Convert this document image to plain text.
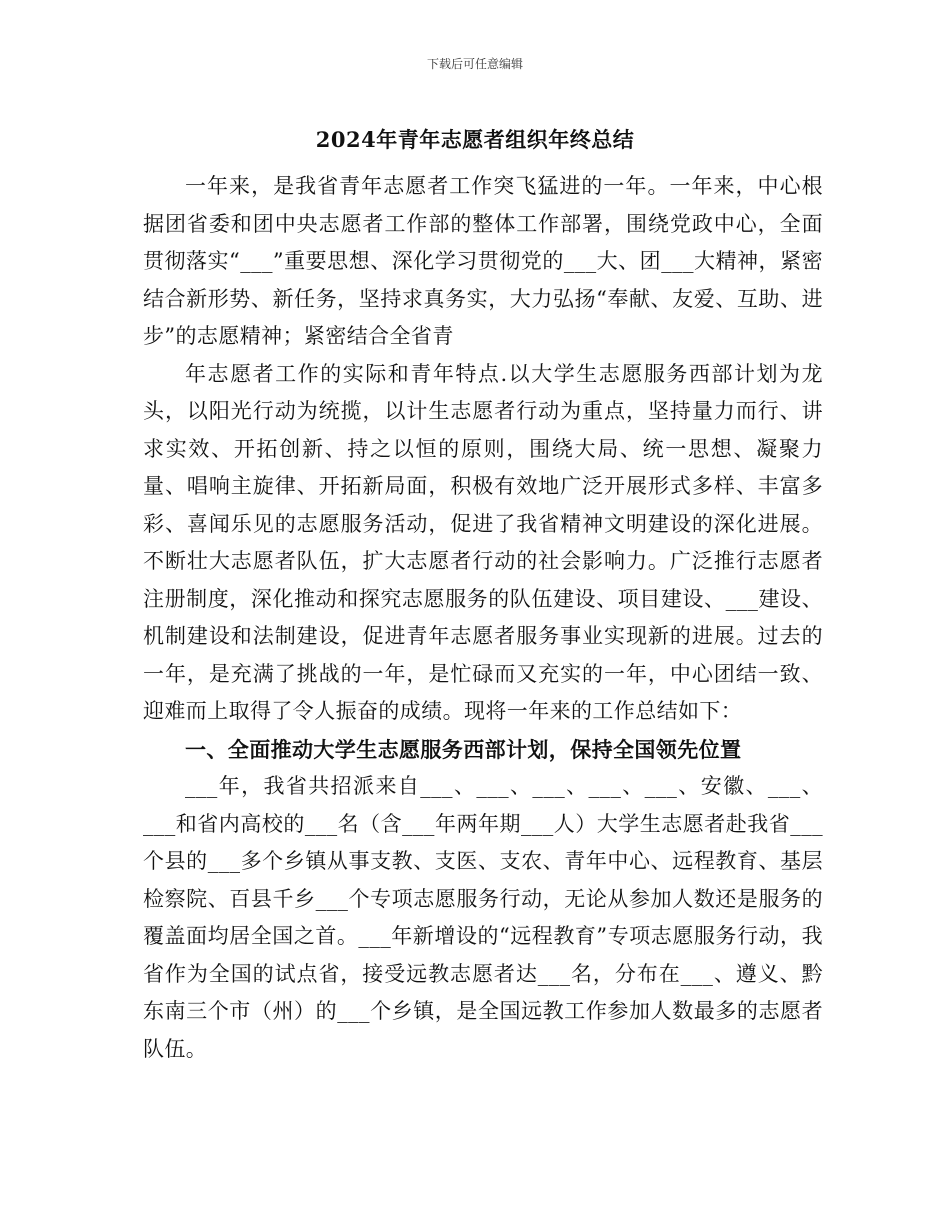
下载后可任意编辑
2024年青年志愿者组织年终总结

一年来，是我省青年志愿者工作突飞猛进的一年。一年来，中心根据团省委和团中央志愿者工作部的整体工作部署，围绕党政中心，全面贯彻落实“___”重要思想、深化学习贯彻党的___大、团___大精神，紧密结合新形势、新任务，坚持求真务实，大力弘扬“奉献、友爱、互助、进步”的志愿精神；紧密结合全省青

年志愿者工作的实际和青年特点.以大学生志愿服务西部计划为龙头，以阳光行动为统揽，以计生志愿者行动为重点，坚持量力而行、讲求实效、开拓创新、持之以恒的原则，围绕大局、统一思想、凝聚力量、唱响主旋律、开拓新局面，积极有效地广泛开展形式多样、丰富多彩、喜闻乐见的志愿服务活动，促进了我省精神文明建设的深化进展。不断壮大志愿者队伍，扩大志愿者行动的社会影响力。广泛推行志愿者注册制度，深化推动和探究志愿服务的队伍建设、项目建设、___建设、机制建设和法制建设，促进青年志愿者服务事业实现新的进展。过去的一年，是充满了挑战的一年，是忙碌而又充实的一年，中心团结一致、迎难而上取得了令人振奋的成绩。现将一年来的工作总结如下：

一、全面推动大学生志愿服务西部计划，保持全国领先位置

___年，我省共招派来自___、___、___、___、___、安徽、___、___和省内高校的___名（含___年两年期___人）大学生志愿者赴我省___个县的___多个乡镇从事支教、支医、支农、青年中心、远程教育、基层检察院、百县千乡___个专项志愿服务行动，无论从参加人数还是服务的覆盖面均居全国之首。___年新增设的“远程教育”专项志愿服务行动，我省作为全国的试点省，接受远教志愿者达___名，分布在___、遵义、黔东南三个市（州）的___个乡镇，是全国远教工作参加人数最多的志愿者队伍。
